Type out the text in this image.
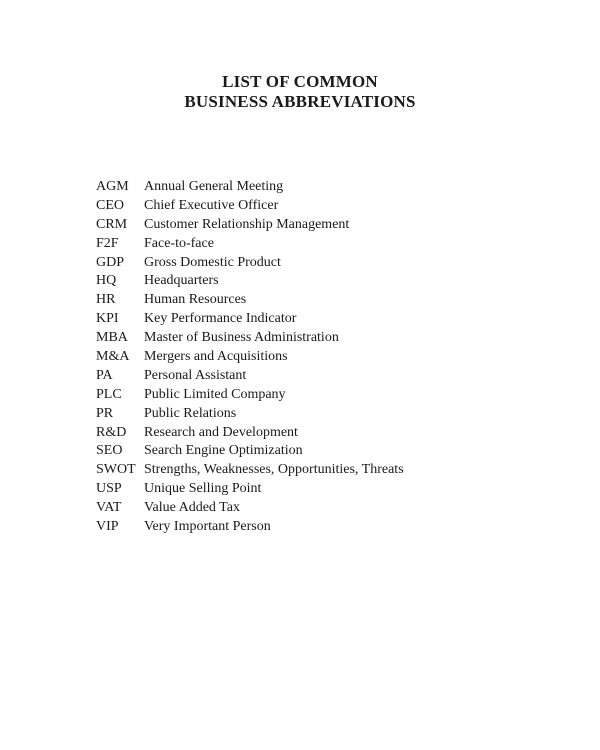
LIST OF COMMON
BUSINESS ABBREVIATIONS
AGM	Annual General Meeting
CEO	Chief Executive Officer
CRM	Customer Relationship Management
F2F	Face-to-face
GDP	Gross Domestic Product
HQ	Headquarters
HR	Human Resources
KPI	Key Performance Indicator
MBA	Master of Business Administration
M&A	Mergers and Acquisitions
PA	Personal Assistant
PLC	Public Limited Company
PR	Public Relations
R&D	Research and Development
SEO	Search Engine Optimization
SWOT Strengths, Weaknesses, Opportunities, Threats
USP	Unique Selling Point
VAT	Value Added Tax
VIP	Very Important Person
